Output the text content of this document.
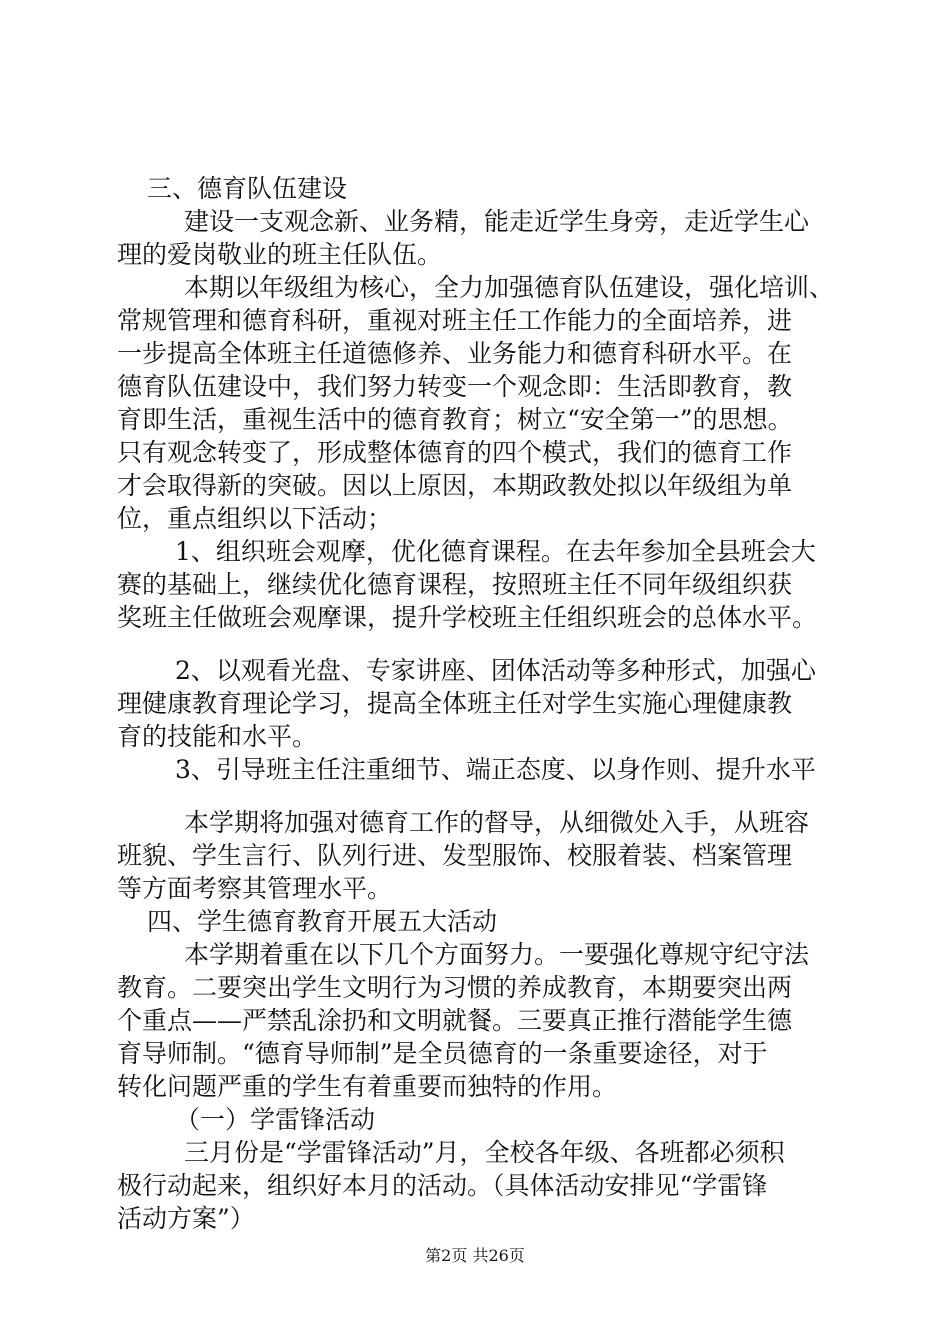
三、德育队伍建设
建设一支观念新、业务精，能走近学生身旁，走近学生心
理的爱岗敬业的班主任队伍。
本期以年级组为核心，全力加强德育队伍建设，强化培训、
常规管理和德育科研，重视对班主任工作能力的全面培养，进
一步提高全体班主任道德修养、业务能力和德育科研水平。在
德育队伍建设中，我们努力转变一个观念即：生活即教育，教
育即生活，重视生活中的德育教育；树立“安全第一”的思想。
只有观念转变了，形成整体德育的四个模式，我们的德育工作
才会取得新的突破。因以上原因，本期政教处拟以年级组为单
位，重点组织以下活动；
1、组织班会观摩，优化德育课程。在去年参加全县班会大
赛的基础上，继续优化德育课程，按照班主任不同年级组织获
奖班主任做班会观摩课，提升学校班主任组织班会的总体水平。
2、以观看光盘、专家讲座、团体活动等多种形式，加强心
理健康教育理论学习，提高全体班主任对学生实施心理健康教
育的技能和水平。
3、引导班主任注重细节、端正态度、以身作则、提升水平
本学期将加强对德育工作的督导，从细微处入手，从班容
班貌、学生言行、队列行进、发型服饰、校服着装、档案管理
等方面考察其管理水平。
四、学生德育教育开展五大活动
本学期着重在以下几个方面努力。一要强化尊规守纪守法
教育。二要突出学生文明行为习惯的养成教育，本期要突出两
个重点——严禁乱涂扔和文明就餐。三要真正推行潜能学生德
育导师制。“德育导师制”是全员德育的一条重要途径，对于
转化问题严重的学生有着重要而独特的作用。
（一）学雷锋活动
三月份是“学雷锋活动”月，全校各年级、各班都必须积
极行动起来，组织好本月的活动。（具体活动安排见“学雷锋
活动方案”）
第2页 共26页
